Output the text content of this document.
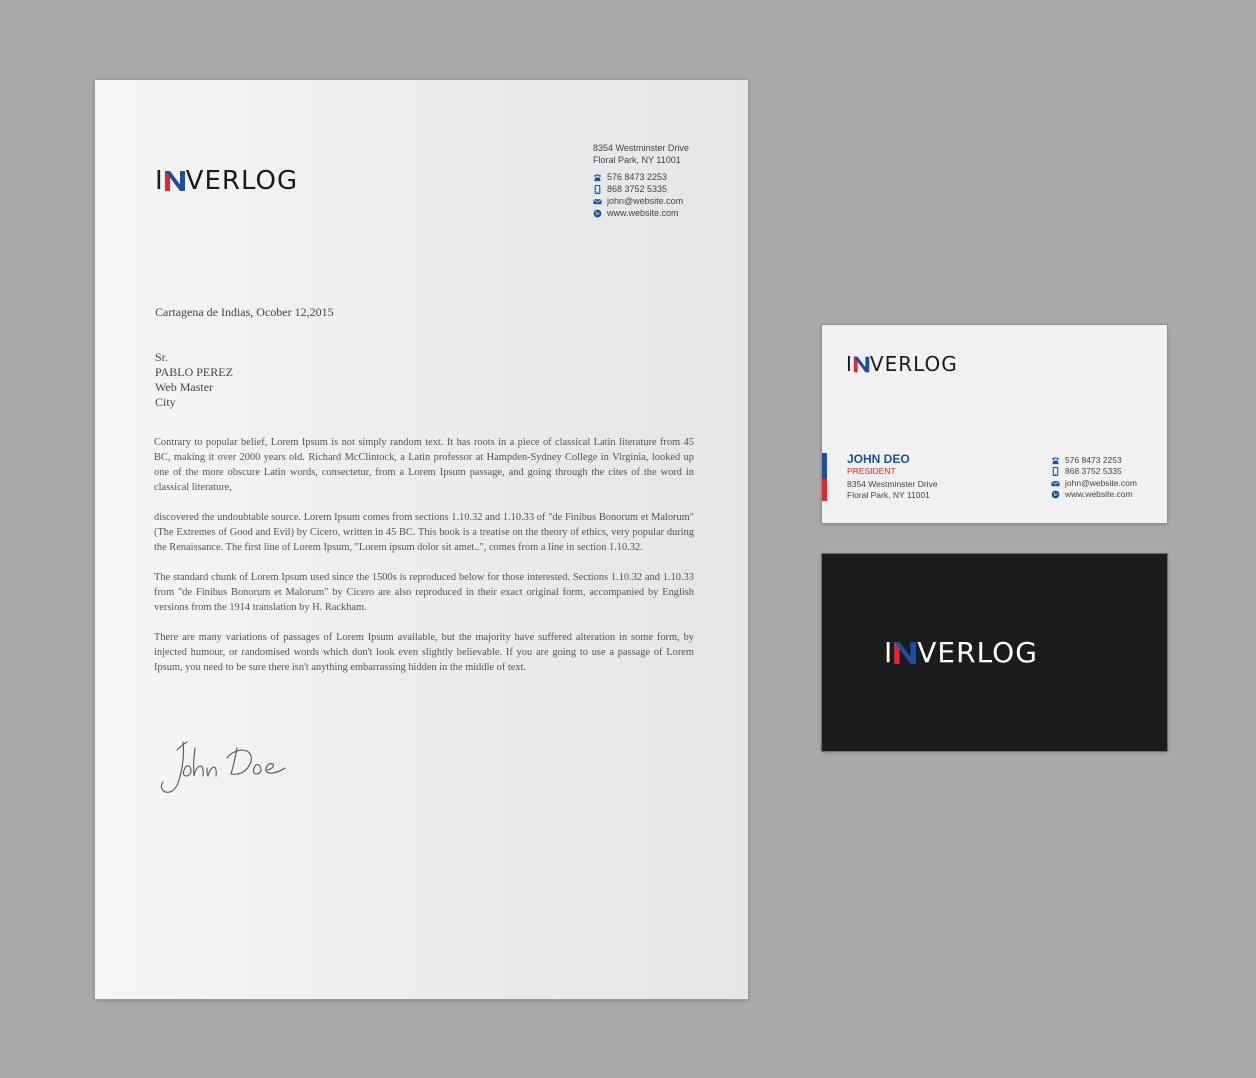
I VERLOG
8354 Westminster Drive
Floral Park, NY 11001
576 8473 2253
868 3752 5335
john@website.com
www.website.com
Cartagena de Indias, Ocober 12,2015
Sr.
PABLO PEREZ
Web Master
City

Contrary to popular belief, Lorem Ipsum is not simply random text. It has roots in a piece of classical Latin literature from 45 BC, making it over 2000 years old. Richard McClintock, a Latin professor at Hampden-Sydney College in Virginia, looked up one of the more obscure Latin words, consectetur, from a Lorem Ipsum passage, and going through the cites of the word in classical literature,

discovered the undoubtable source. Lorem Ipsum comes from sections 1.10.32 and 1.10.33 of "de Finibus Bonorum et Malorum" (The Extremes of Good and Evil) by Cicero, written in 45 BC. This book is a treatise on the theory of ethics, very popular during the Renaissance. The first line of Lorem Ipsum, "Lorem ipsum dolor sit amet..", comes from a line in section 1.10.32.

The standard chunk of Lorem Ipsum used since the 1500s is reproduced below for those interested. Sections 1.10.32 and 1.10.33 from "de Finibus Bonorum et Malorum" by Cicero are also reproduced in their exact original form, accompanied by English versions from the 1914 translation by H. Rackham.

There are many variations of passages of Lorem Ipsum available, but the majority have suffered alteration in some form, by injected humour, or randomised words which don't look even slightly believable. If you are going to use a passage of Lorem Ipsum, you need to be sure there isn't anything embarrassing hidden in the middle of text.

I VERLOG
JOHN DEO
PRESIDENT
8354 Westminster Drive
Floral Park, NY 11001
576 8473 2253
868 3752 5335
john@website.com
www.website.com
I VERLOG
